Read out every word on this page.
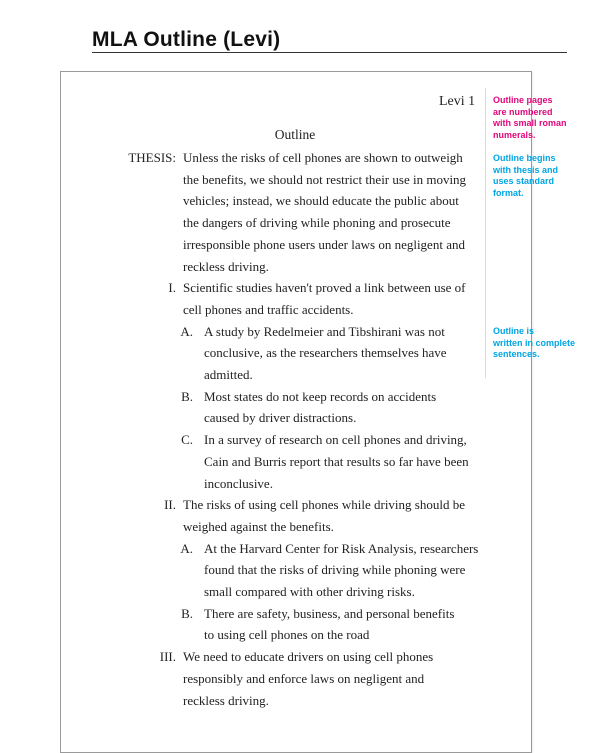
MLA Outline (Levi)
Levi 1
Outline
THESIS: Unless the risks of cell phones are shown to outweigh
the benefits, we should not restrict their use in moving
vehicles; instead, we should educate the public about
the dangers of driving while phoning and prosecute
irresponsible phone users under laws on negligent and
reckless driving.
I. Scientific studies haven't proved a link between use of
cell phones and traffic accidents.
A. A study by Redelmeier and Tibshirani was not
conclusive, as the researchers themselves have
admitted.
B. Most states do not keep records on accidents
caused by driver distractions.
C. In a survey of research on cell phones and driving,
Cain and Burris report that results so far have been
inconclusive.
II. The risks of using cell phones while driving should be
weighed against the benefits.
A. At the Harvard Center for Risk Analysis, researchers
found that the risks of driving while phoning were
small compared with other driving risks.
B. There are safety, business, and personal benefits
to using cell phones on the road
III. We need to educate drivers on using cell phones
responsibly and enforce laws on negligent and
reckless driving.
Outline pages
are numbered
with small roman
numerals.
Outline begins
with thesis and
uses standard
format.
Outline is
written in complete
sentences.
